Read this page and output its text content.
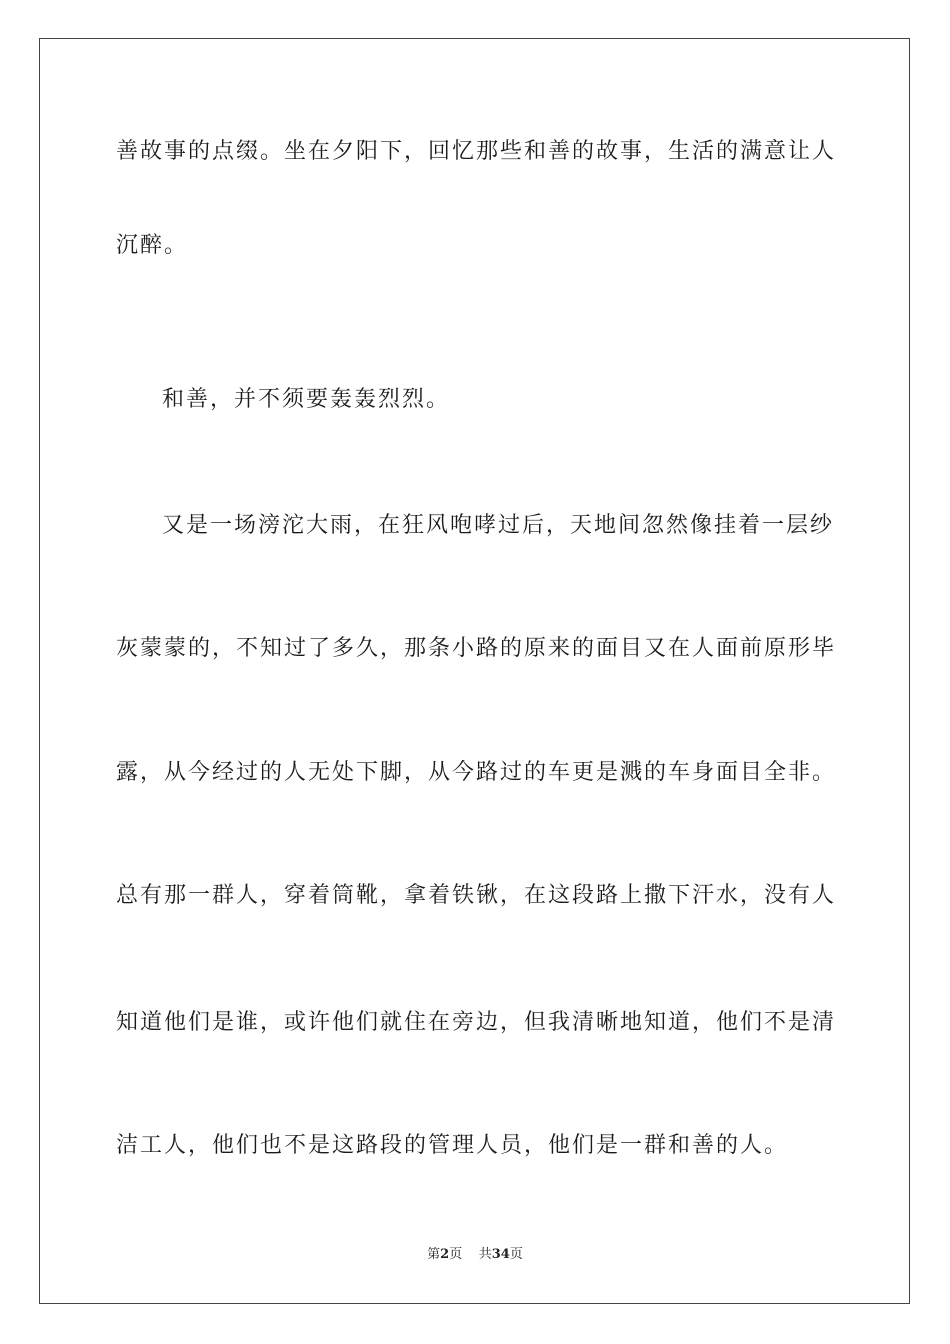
善故事的点缀。坐在夕阳下，回忆那些和善的故事，生活的满意让人
沉醉。
和善，并不须要轰轰烈烈。
又是一场滂沱大雨，在狂风咆哮过后，天地间忽然像挂着一层纱
灰蒙蒙的，不知过了多久，那条小路的原来的面目又在人面前原形毕
露，从今经过的人无处下脚，从今路过的车更是溅的车身面目全非。
总有那一群人，穿着筒靴，拿着铁锹，在这段路上撒下汗水，没有人
知道他们是谁，或许他们就住在旁边，但我清晰地知道，他们不是清
洁工人，他们也不是这路段的管理人员，他们是一群和善的人。
第2页 共34页
